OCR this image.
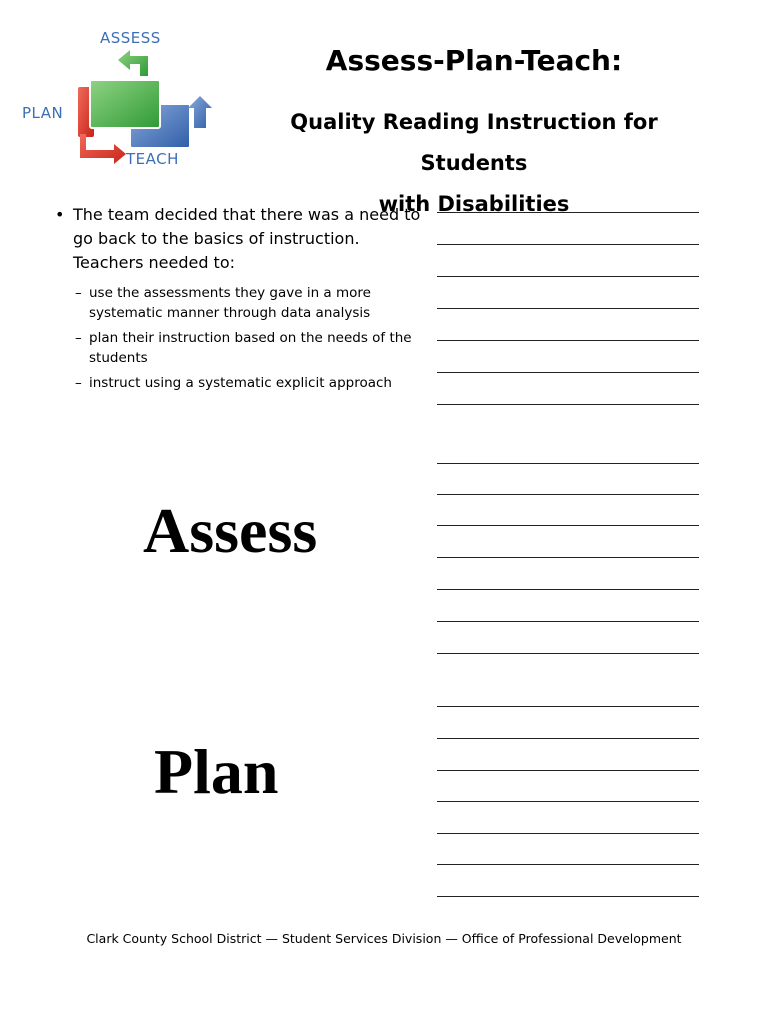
ASSESS
PLAN
TEACH
Assess-Plan-Teach:
Quality Reading Instruction for Students
with Disabilities
• The team decided that there was a need to go back to the basics of instruction. Teachers needed to:
– use the assessments they gave in a more systematic manner through data analysis
– plan their instruction based on the needs of the students
– instruct using a systematic explicit approach
Assess
Plan
Clark County School District — Student Services Division — Office of Professional Development
